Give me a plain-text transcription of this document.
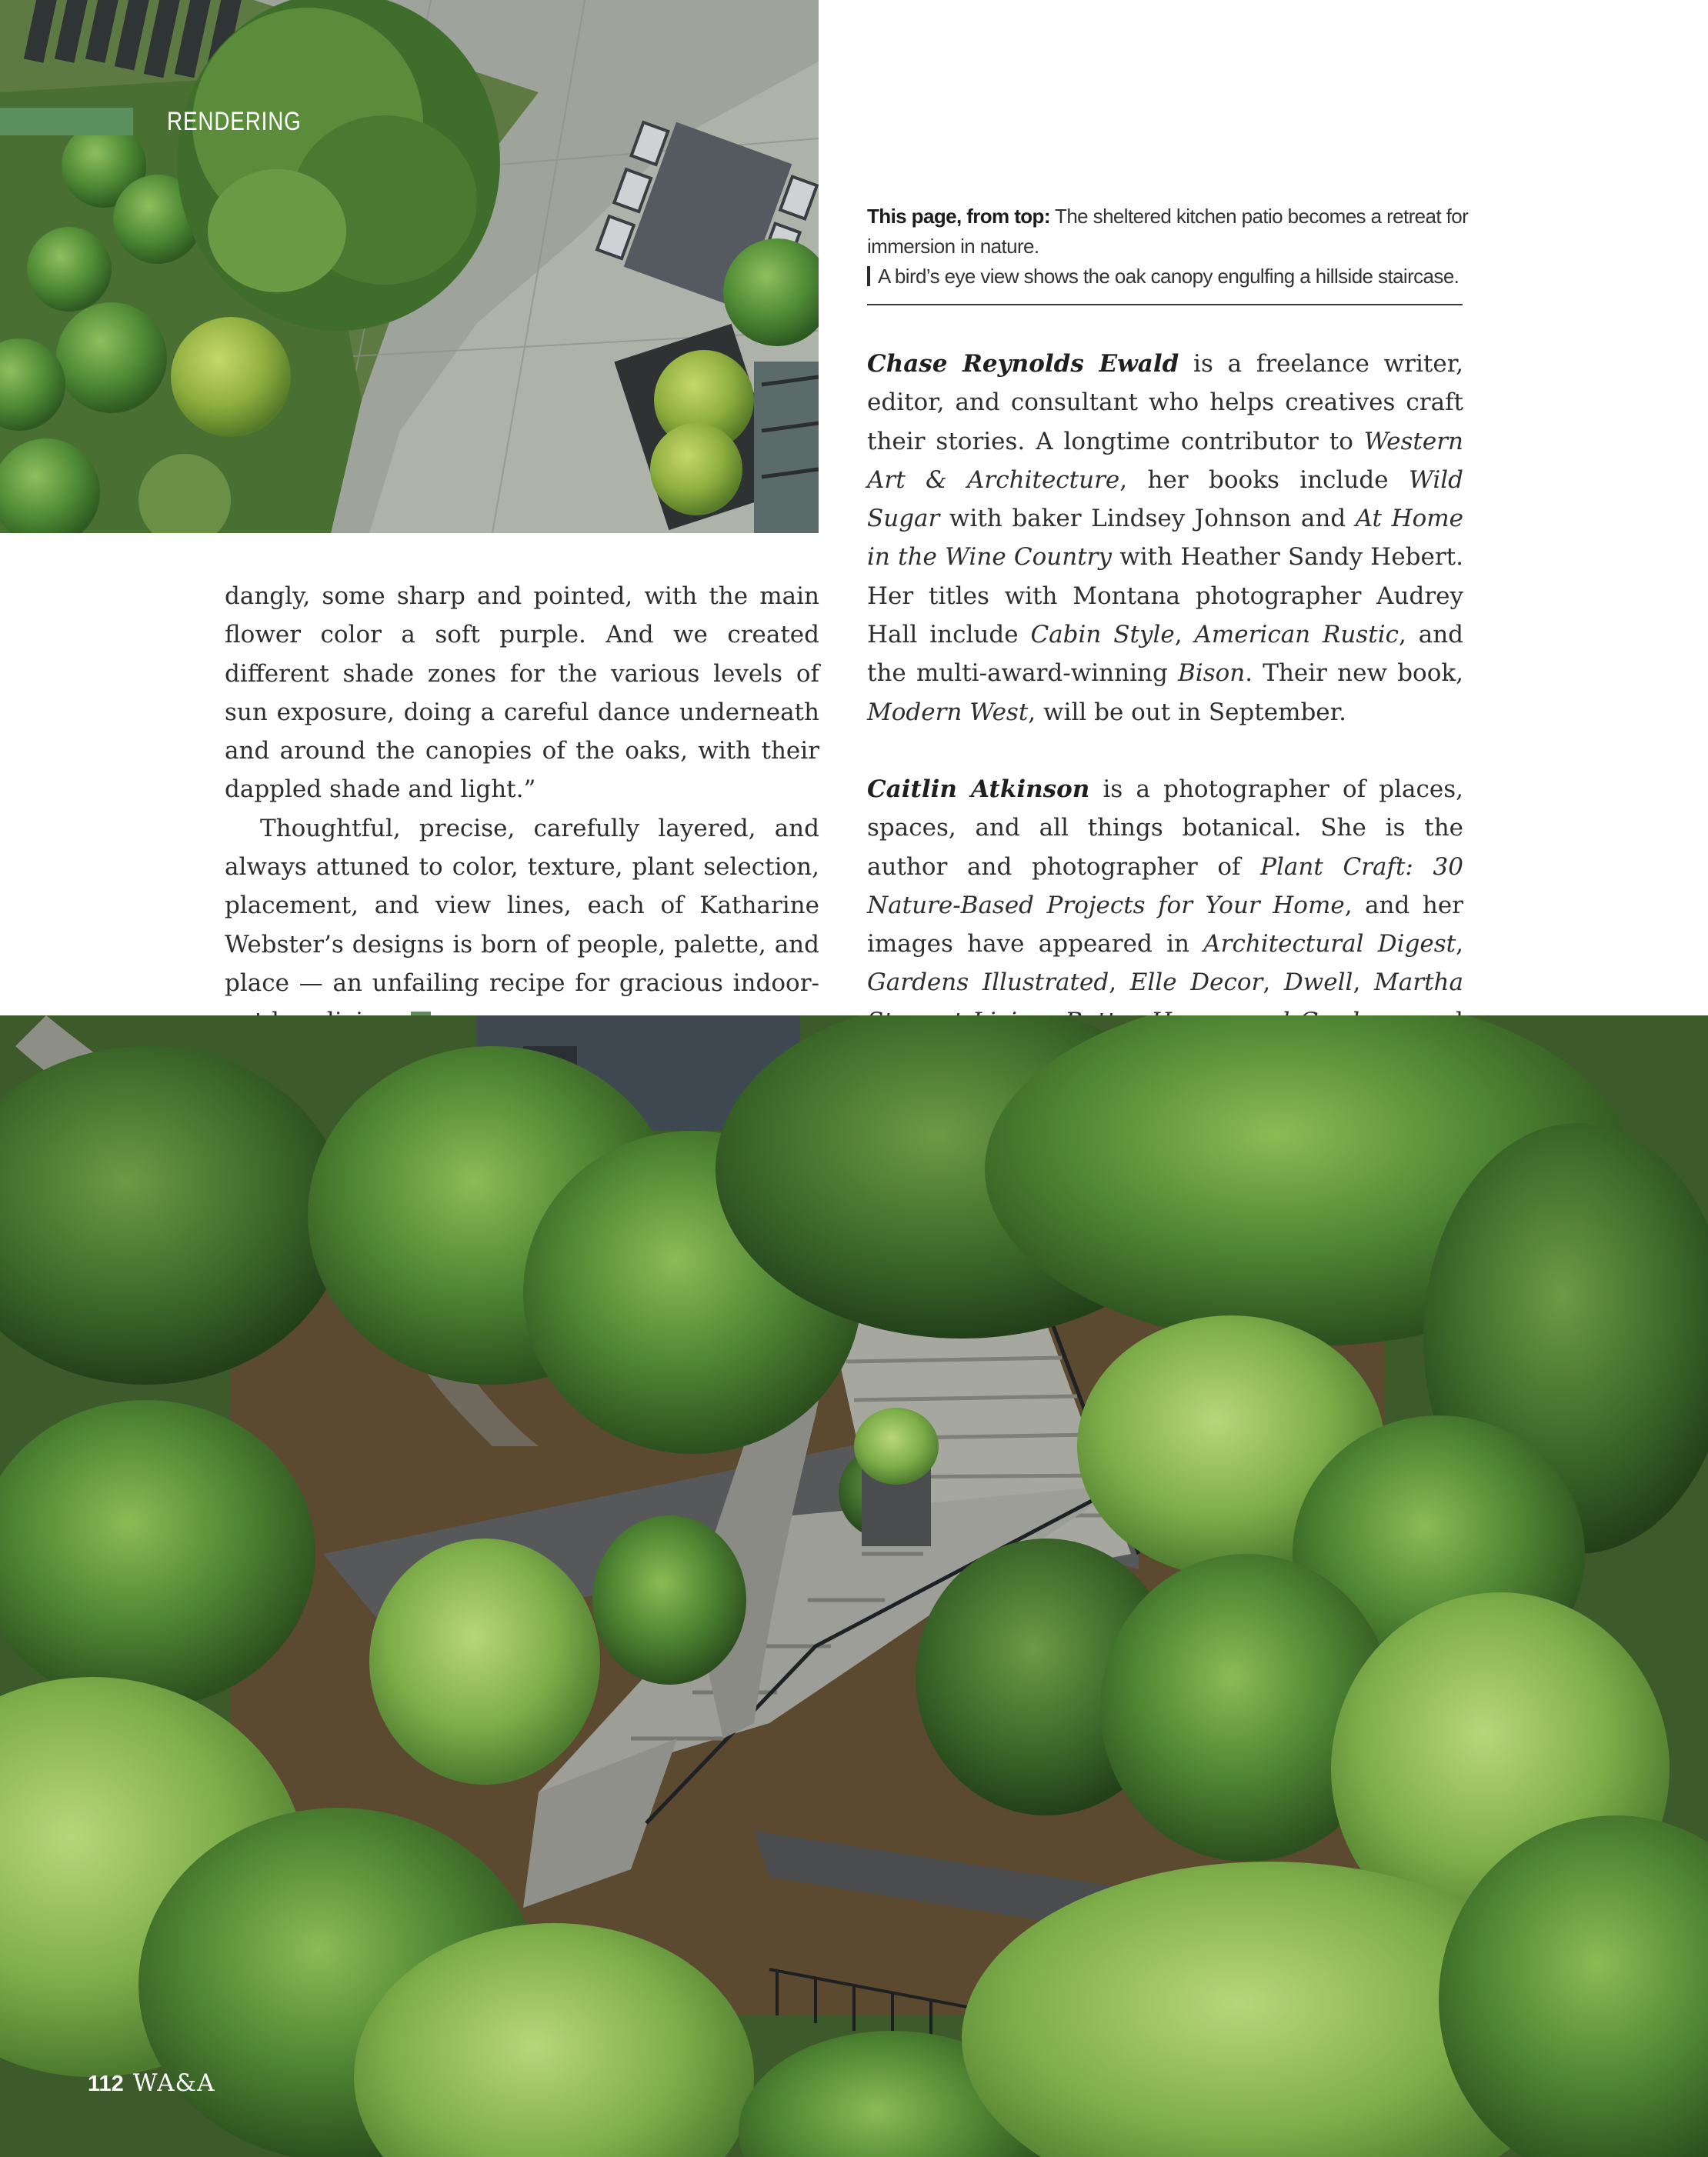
RENDERING
This page, from top: The sheltered kitchen patio becomes a retreat for immersion in nature.
A bird’s eye view shows the oak canopy engulfing a hillside staircase.

dangly, some sharp and pointed, with the main flower color a soft purple. And we created different shade zones for the various levels of sun exposure, doing a careful dance underneath and around the canopies of the oaks, with their dappled shade and light.”

Thoughtful, precise, carefully layered, and always attuned to color, texture, plant selection, placement, and view lines, each of Katharine Webster’s designs is born of people, palette, and place — an unfailing recipe for gracious indoor-

Chase Reynolds Ewald is a freelance writer, editor, and consultant who helps creatives craft their stories. A longtime contributor to Western Art & Architecture, her books include Wild Sugar with baker Lindsey Johnson and At Home in the Wine Country with Heather Sandy Hebert. Her titles with Montana photographer Audrey Hall include Cabin Style, American Rustic, and the multi-award-winning Bison. Their new book, Modern West, will be out in September.

Caitlin Atkinson is a photographer of places, spaces, and all things botanical. She is the author and photographer of Plant Craft: 30 Nature-Based Projects for Your Home, and her images have appeared in Architectural Digest, Gardens Illustrated, Elle Decor, Dwell, Martha

112 WA&A
